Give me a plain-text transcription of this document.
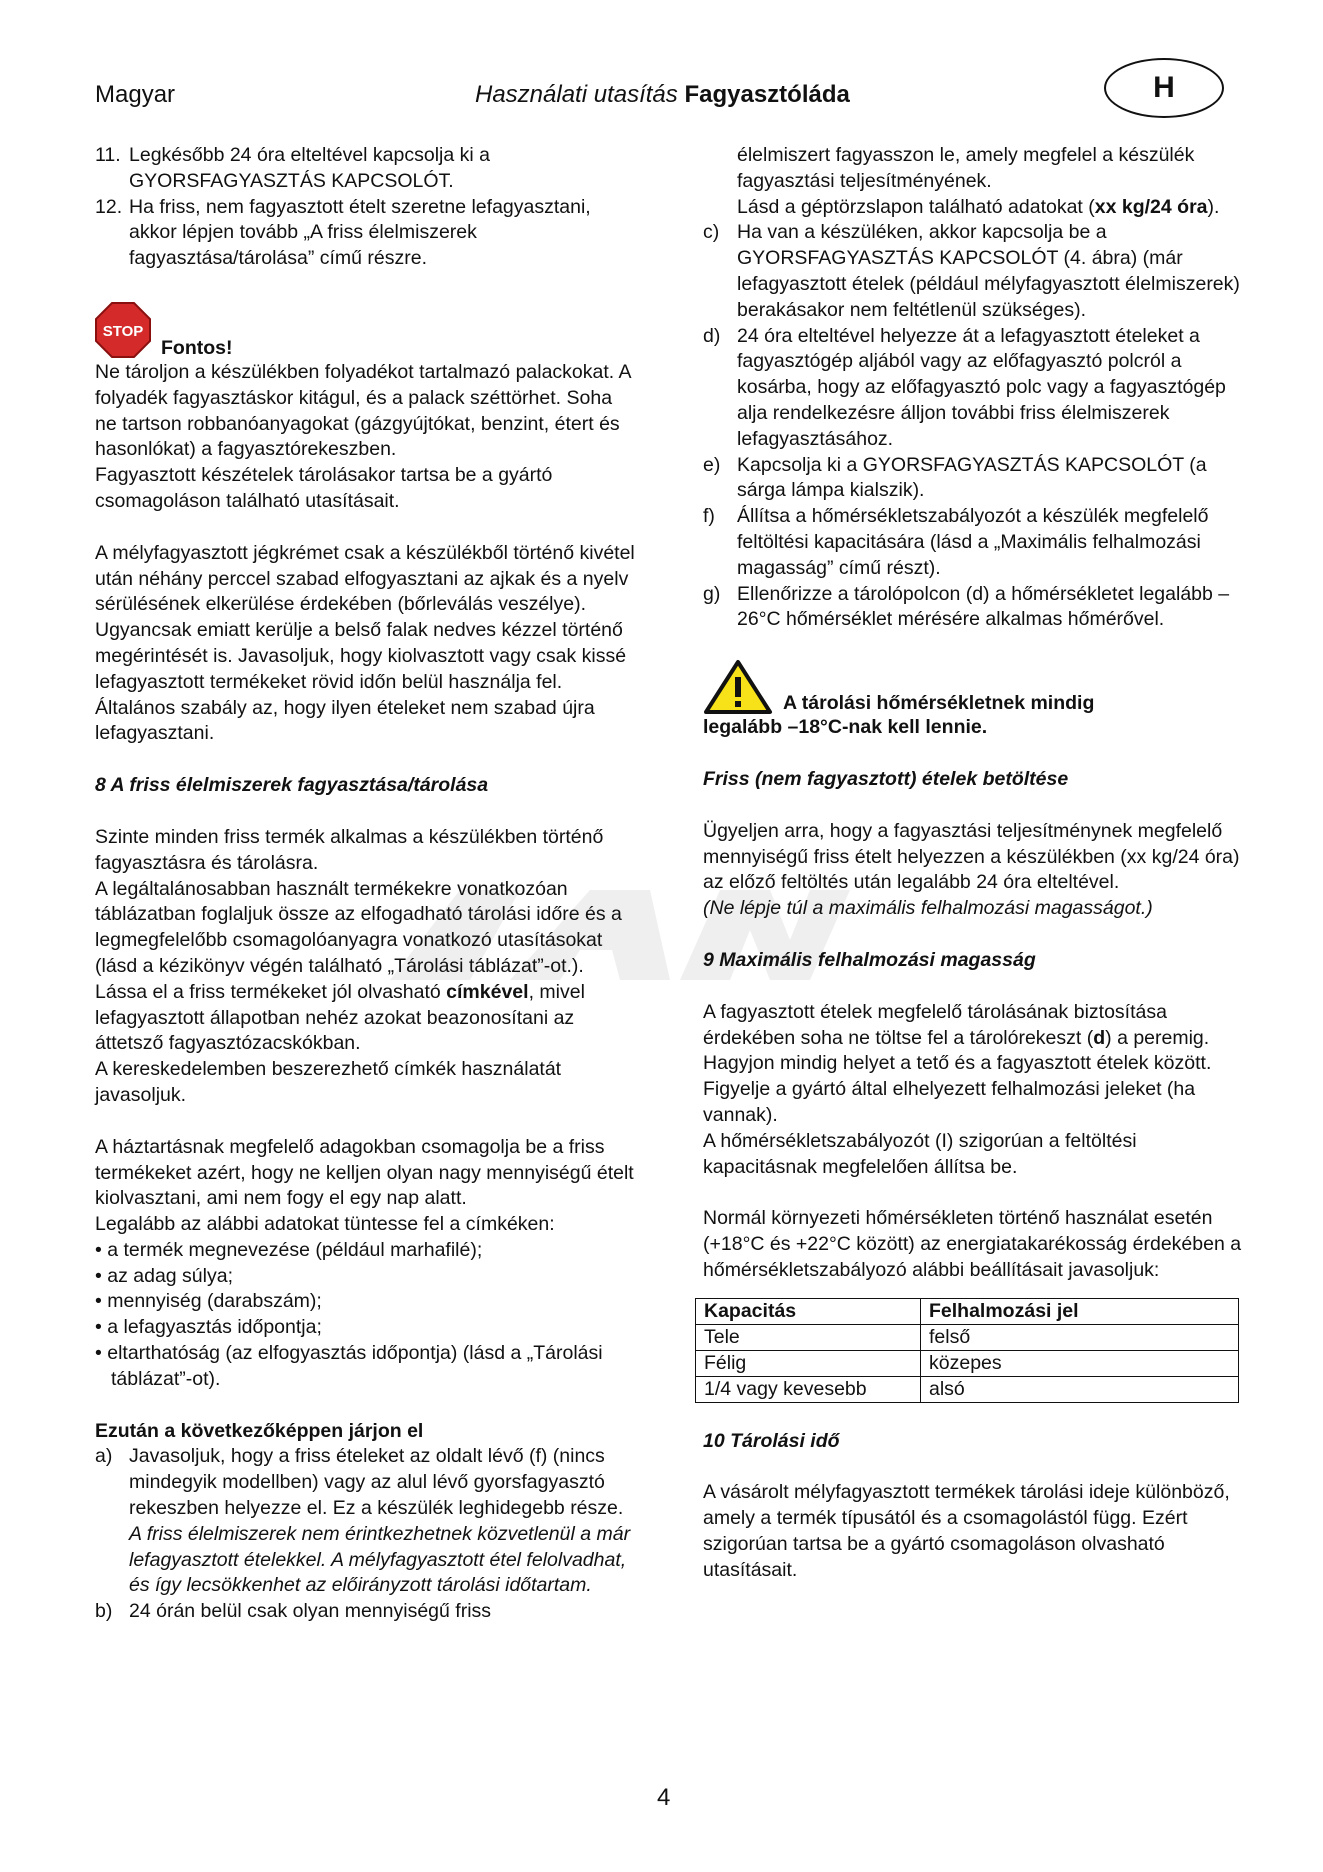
Magyar	Használati utasítás Fagyasztóláda	H
11. Legkésőbb 24 óra elteltével kapcsolja ki a GYORSFAGYASZTÁS KAPCSOLÓT.
12. Ha friss, nem fagyasztott ételt szeretne lefagyasztani, akkor lépjen tovább „A friss élelmiszerek fagyasztása/tárolása” című részre.
STOP
Fontos!

Ne tároljon a készülékben folyadékot tartalmazó palackokat. A folyadék fagyasztáskor kitágul, és a palack széttörhet. Soha ne tartson robbanóanyagokat (gázgyújtókat, benzint, étert és hasonlókat) a fagyasztórekeszben.

Fagyasztott készételek tárolásakor tartsa be a gyártó csomagoláson található utasításait.

A mélyfagyasztott jégkrémet csak a készülékből történő kivétel után néhány perccel szabad elfogyasztani az ajkak és a nyelv sérülésének elkerülése érdekében (bőrleválás veszélye). Ugyancsak emiatt kerülje a belső falak nedves kézzel történő megérintését is. Javasoljuk, hogy kiolvasztott vagy csak kissé lefagyasztott termékeket rövid időn belül használja fel. Általános szabály az, hogy ilyen ételeket nem szabad újra lefagyasztani.

8 A friss élelmiszerek fagyasztása/tárolása

Szinte minden friss termék alkalmas a készülékben történő fagyasztásra és tárolásra.

A legáltalánosabban használt termékekre vonatkozóan táblázatban foglaljuk össze az elfogadható tárolási időre és a legmegfelelőbb csomagolóanyagra vonatkozó utasításokat (lásd a kézikönyv végén található „Tárolási táblázat”-ot.).

Lássa el a friss termékeket jól olvasható címkével, mivel lefagyasztott állapotban nehéz azokat beazonosítani az áttetsző fagyasztózacskókban.

A kereskedelemben beszerezhető címkék használatát javasoljuk.

A háztartásnak megfelelő adagokban csomagolja be a friss termékeket azért, hogy ne kelljen olyan nagy mennyiségű ételt kiolvasztani, ami nem fogy el egy nap alatt.

Legalább az alábbi adatokat tüntesse fel a címkéken:

• a termék megnevezése (például marhafilé);

• az adag súlya;

• mennyiség (darabszám);

• a lefagyasztás időpontja;

• eltarthatóság (az elfogyasztás időpontja) (lásd a „Tárolási táblázat”-ot).

Ezután a következőképpen járjon el

a) Javasoljuk, hogy a friss ételeket az oldalt lévő (f) (nincs mindegyik modellben) vagy az alul lévő gyorsfagyasztó rekeszben helyezze el. Ez a készülék leghidegebb része.
A friss élelmiszerek nem érintkezhetnek közvetlenül a már lefagyasztott ételekkel. A mélyfagyasztott étel felolvadhat, és így lecsökkenhet az előirányzott tárolási időtartam.
b) 24 órán belül csak olyan mennyiségű friss
élelmiszert fagyasszon le, amely megfelel a készülék fagyasztási teljesítményének.
Lásd a géptörzslapon található adatokat (xx kg/24 óra).
c) Ha van a készüléken, akkor kapcsolja be a GYORSFAGYASZTÁS KAPCSOLÓT (4. ábra) (már lefagyasztott ételek (például mélyfagyasztott élelmiszerek) berakásakor nem feltétlenül szükséges).
d) 24 óra elteltével helyezze át a lefagyasztott ételeket a fagyasztógép aljából vagy az előfagyasztó polcról a kosárba, hogy az előfagyasztó polc vagy a fagyasztógép alja rendelkezésre álljon további friss élelmiszerek lefagyasztásához.
e) Kapcsolja ki a GYORSFAGYASZTÁS KAPCSOLÓT (a sárga lámpa kialszik).
f)	Állítsa a hőmérsékletszabályozót a készülék megfelelő feltöltési kapacitására (lásd a „Maximális felhalmozási magasság” című részt).
g) Ellenőrizze a tárolópolcon (d) a hőmérsékletet legalább –26°C hőmérséklet mérésére alkalmas hőmérővel.
A tárolási hőmérsékletnek mindig

legalább –18°C-nak kell lennie.

Friss (nem fagyasztott) ételek betöltése

Ügyeljen arra, hogy a fagyasztási teljesítménynek megfelelő mennyiségű friss ételt helyezzen a készülékben (xx kg/24 óra) az előző feltöltés után legalább 24 óra elteltével.

(Ne lépje túl a maximális felhalmozási magasságot.)

9 Maximális felhalmozási magasság

A fagyasztott ételek megfelelő tárolásának biztosítása érdekében soha ne töltse fel a tárolórekeszt (d) a peremig. Hagyjon mindig helyet a tető és a fagyasztott ételek között.

Figyelje a gyártó által elhelyezett felhalmozási jeleket (ha vannak).

A hőmérsékletszabályozót (I) szigorúan a feltöltési kapacitásnak megfelelően állítsa be.

Normál környezeti hőmérsékleten történő használat esetén (+18°C és +22°C között) az energiatakarékosság érdekében a hőmérsékletszabályozó alábbi beállításait javasoljuk:

Kapacitás	Felhalmozási jel
Tele	felső
Félig	közepes
1/4 vagy kevesebb	alsó

10 Tárolási idő

A vásárolt mélyfagyasztott termékek tárolási ideje különböző, amely a termék típusától és a csomagolástól függ. Ezért szigorúan tartsa be a gyártó csomagoláson olvasható utasításait.

4
